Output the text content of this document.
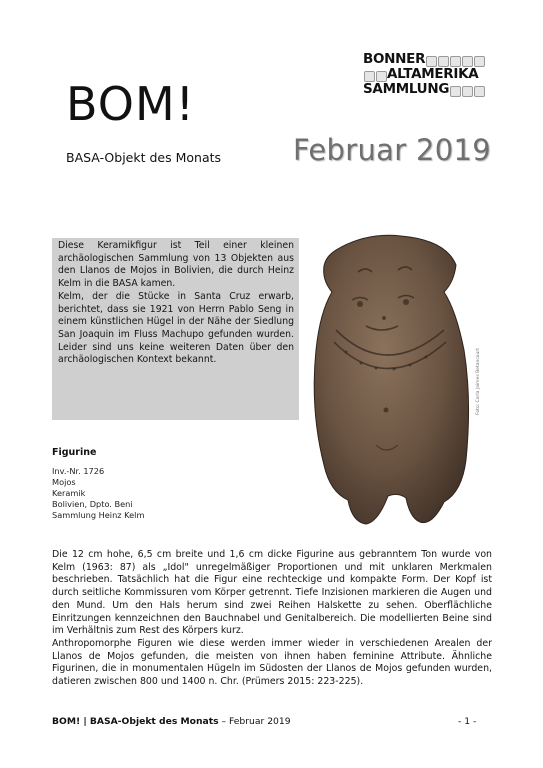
BONNER
ALTAMERIKA
SAMMLUNG
BOM!
BASA-Objekt des Monats Februar 2019

Diese Keramikfigur ist Teil einer kleinen archäologischen Sammlung von 13 Objekten aus den Llanos de Mojos in Bolivien, die durch Heinz Kelm in die BASA kamen.

Kelm, der die Stücke in Santa Cruz erwarb, berichtet, dass sie 1921 von Herrn Pablo Seng in einem künstlichen Hügel in der Nähe der Siedlung San Joaquin im Fluss Machupo gefunden wurden. Leider sind uns keine weiteren Daten über den archäologischen Kontext bekannt.	Foto: Carla Jaimes Betancourt
Figurine
Inv.-Nr. 1726
Mojos
Keramik
Bolivien, Dpto. Beni
Sammlung Heinz Kelm

Die 12 cm hohe, 6,5 cm breite und 1,6 cm dicke Figurine aus gebranntem Ton wurde von Kelm (1963: 87) als „Idol" unregelmäßiger Proportionen und mit unklaren Merkmalen beschrieben. Tatsächlich hat die Figur eine rechteckige und kompakte Form. Der Kopf ist durch seitliche Kommissuren vom Körper getrennt. Tiefe Inzisionen markieren die Augen und den Mund. Um den Hals herum sind zwei Reihen Halskette zu sehen. Oberflächliche Einritzungen kennzeichnen den Bauchnabel und Genitalbereich. Die modellierten Beine sind im Verhältnis zum Rest des Körpers kurz.

Anthropomorphe Figuren wie diese werden immer wieder in verschiedenen Arealen der Llanos de Mojos gefunden, die meisten von ihnen haben feminine Attribute. Ähnliche Figurinen, die in monumentalen Hügeln im Südosten der Llanos de Mojos gefunden wurden, datieren zwischen 800 und 1400 n. Chr. (Prümers 2015: 223-225).

BOM! | BASA-Objekt des Monats – Februar 2019	- 1 -
